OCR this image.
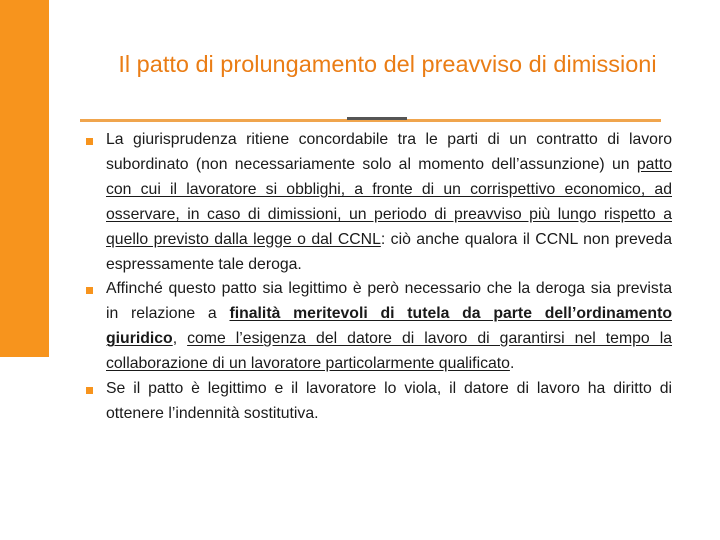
Il patto di prolungamento del preavviso di dimissioni

La giurisprudenza ritiene concordabile tra le parti di un contratto di lavoro subordinato (non necessariamente solo al momento dell’assunzione) un patto con cui il lavoratore si obblighi, a fronte di un corrispettivo economico, ad osservare, in caso di dimissioni, un periodo di preavviso più lungo rispetto a quello previsto dalla legge o dal CCNL: ciò anche qualora il CCNL non preveda espressamente tale deroga.

Affinché questo patto sia legittimo è però necessario che la deroga sia prevista in relazione a finalità meritevoli di tutela da parte dell’ordinamento giuridico, come l’esigenza del datore di lavoro di garantirsi nel tempo la collaborazione di un lavoratore particolarmente qualificato.

Se il patto è legittimo e il lavoratore lo viola, il datore di lavoro ha diritto di ottenere l’indennità sostitutiva.
